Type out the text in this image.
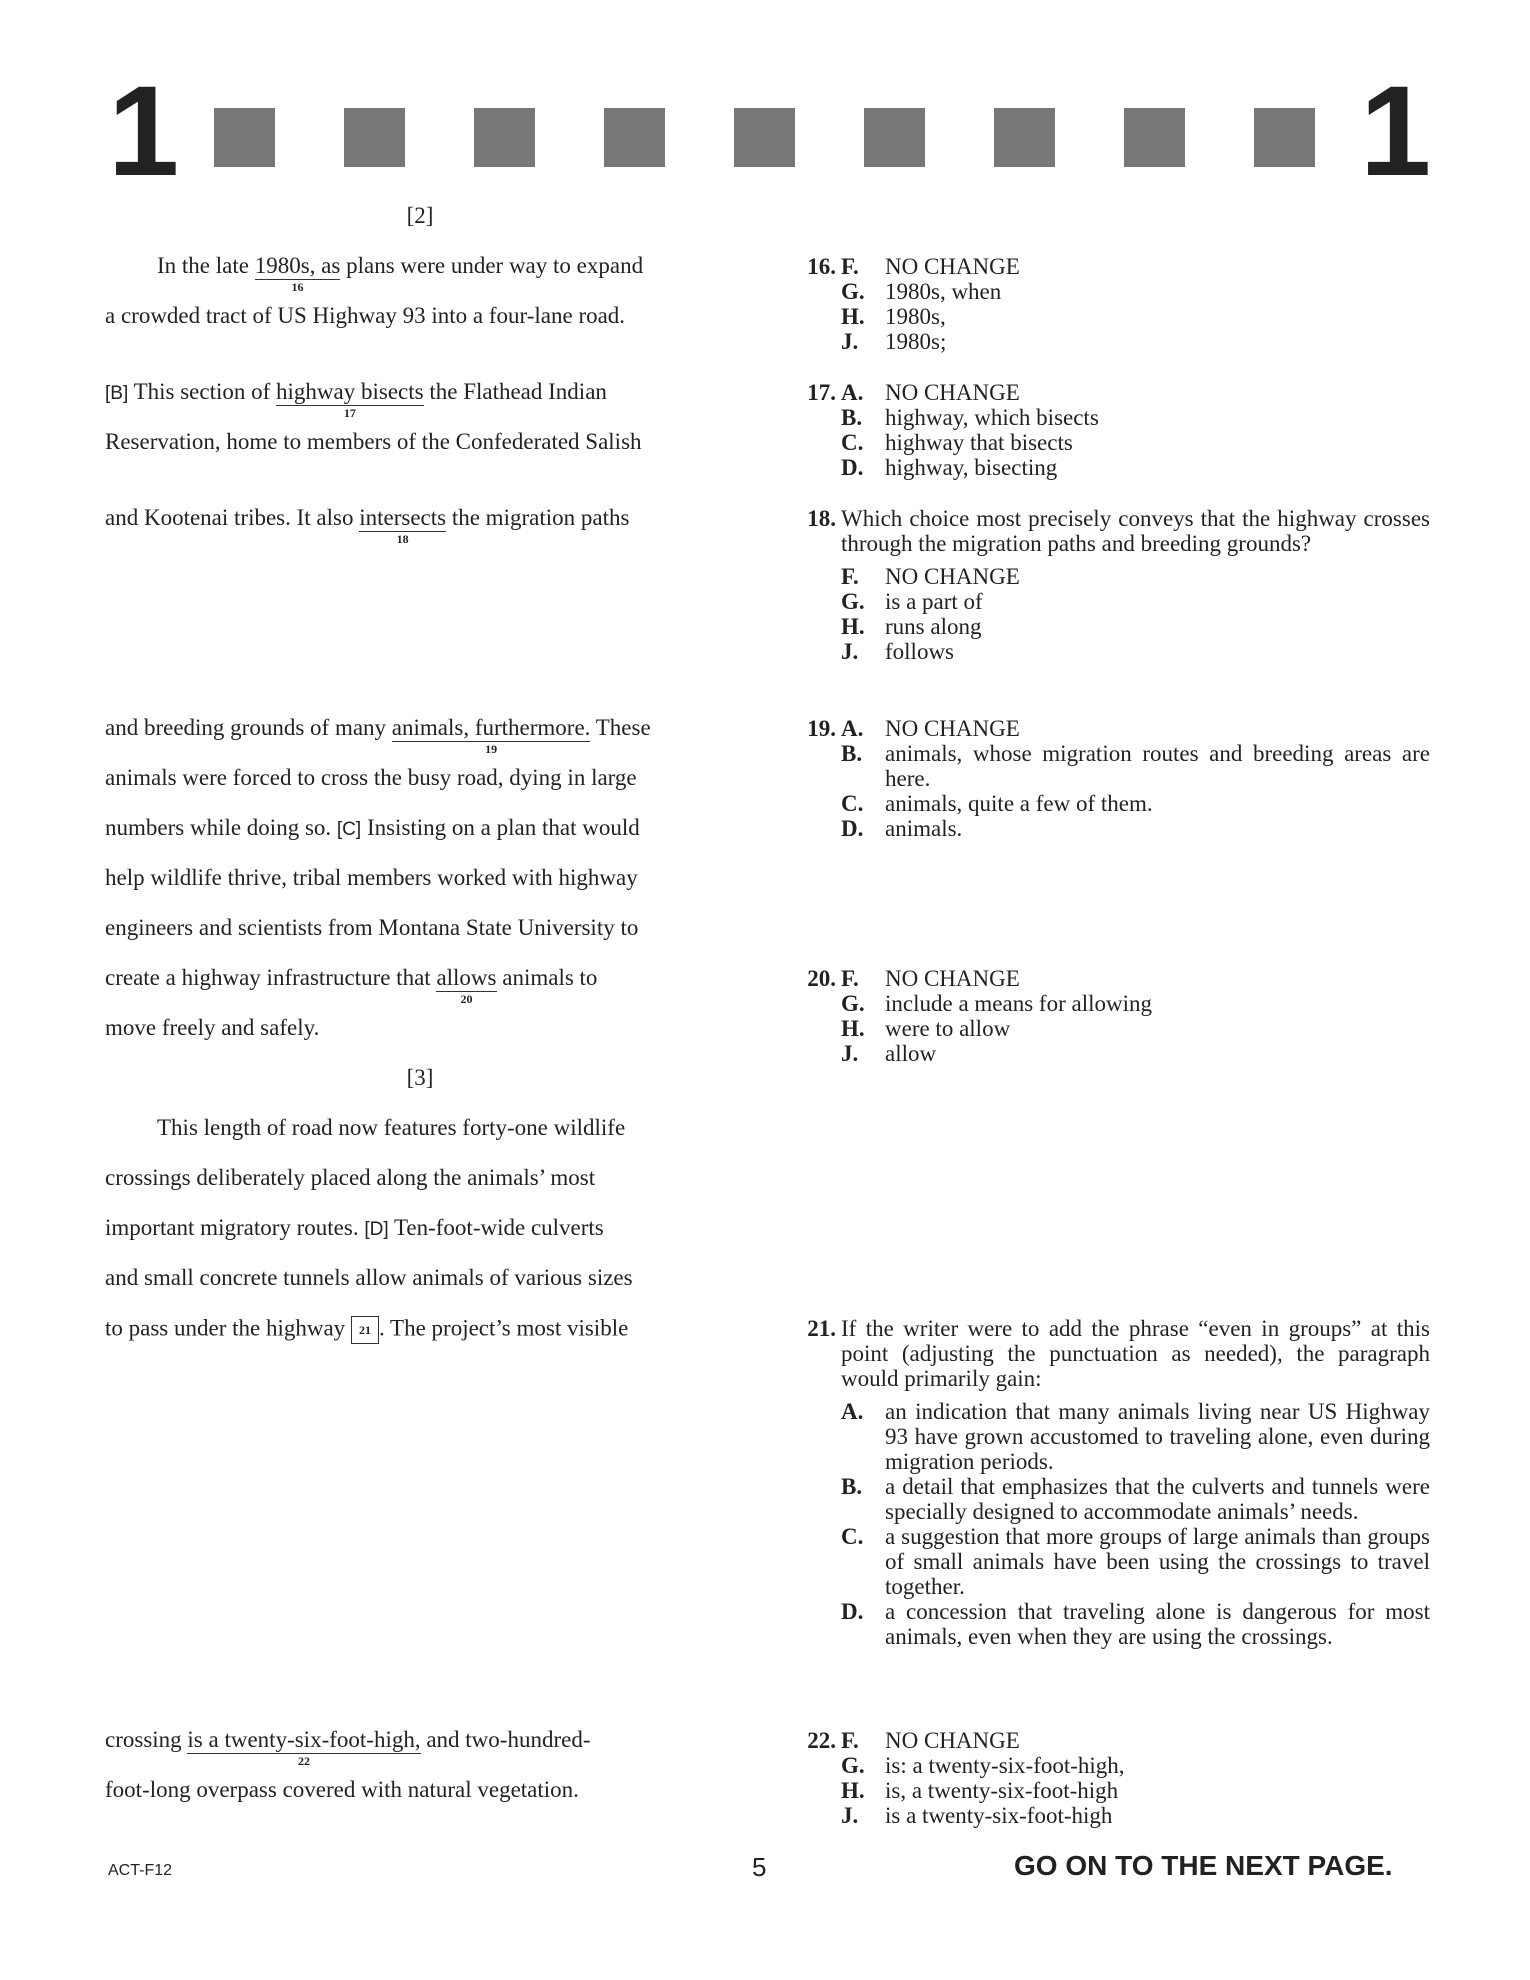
1	1
[2]
In the late 1980s, as
16
plans were under way to expand
a crowded tract of US Highway 93 into a four-lane road.
[B] This section of highway bisects
17
the Flathead Indian
Reservation, home to members of the Confederated Salish
and Kootenai tribes. It also intersects
18
the migration paths
and breeding grounds of many animals, furthermore.
19
These
animals were forced to cross the busy road, dying in large
numbers while doing so. [C] Insisting on a plan that would
help wildlife thrive, tribal members worked with highway
engineers and scientists from Montana State University to
create a highway infrastructure that allows
20
animals to
move freely and safely.
[3]
This length of road now features forty-one wildlife
crossings deliberately placed along the animals’ most
important migratory routes. [D] Ten-foot-wide culverts
and small concrete tunnels allow animals of various sizes
to pass under the highway 21 . The project’s most visible
crossing is a twenty-six-foot-high,
22
and two-hundred-
foot-long overpass covered with natural vegetation.
16. F.	NO CHANGE
G. 1980s, when
H. 1980s,
J.	1980s;
17. A. NO CHANGE
B. highway, which bisects
C. highway that bisects
D. highway, bisecting
18. Which choice most precisely conveys that the highway crosses through the migration paths and breeding grounds?
F.	NO CHANGE
G. is a part of
H. runs along
J.	follows
19. A. NO CHANGE
B. animals, whose migration routes and breeding areas are here.
C. animals, quite a few of them.
D. animals.
20. F.	NO CHANGE
G. include a means for allowing
H. were to allow
J.	allow
21. If the writer were to add the phrase “even in groups” at this point (adjusting the punctuation as needed), the paragraph would primarily gain:
A. an indication that many animals living near US Highway 93 have grown accustomed to traveling alone, even during migration periods.
B. a detail that emphasizes that the culverts and tunnels were specially designed to accommodate animals’ needs.
C. a suggestion that more groups of large animals than groups of small animals have been using the crossings to travel together.
D. a concession that traveling alone is dangerous for most animals, even when they are using the crossings.
22. F.	NO CHANGE
G. is: a twenty-six-foot-high,
H. is, a twenty-six-foot-high
J.	is a twenty-six-foot-high
ACT-F12	5	GO ON TO THE NEXT PAGE.
